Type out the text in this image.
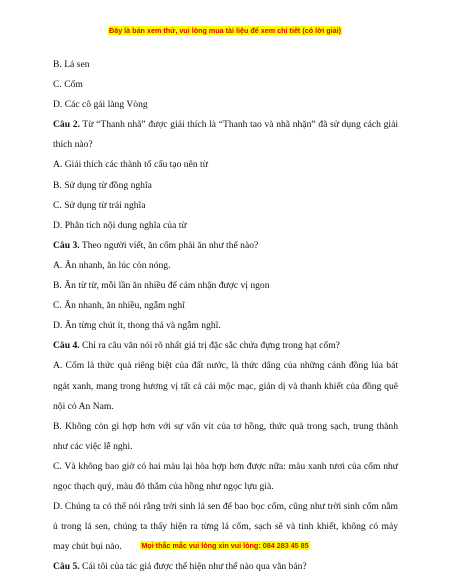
Đây là bản xem thử, vui lòng mua tài liệu để xem chi tiết (có lời giải)

B. Lá sen

C. Cốm

D. Các cô gái làng Vòng

Câu 2. Từ “Thanh nhã” được giải thích là “Thanh tao và nhã nhặn” đã sử dụng cách giải thích nào?

A. Giải thích các thành tố cấu tạo nên từ

B. Sử dụng từ đồng nghĩa

C. Sử dụng từ trái nghĩa

D. Phân tích nội dung nghĩa của từ

Câu 3. Theo người viết, ăn cốm phải ăn như thế nào?

A. Ăn nhanh, ăn lúc còn nóng.

B. Ăn từ từ, mỗi lần ăn nhiều để cảm nhận được vị ngon

C. Ăn nhanh, ăn nhiều, ngẫm nghĩ

D. Ăn từng chút ít, thong thả và ngẫm nghĩ.

Câu 4. Chỉ ra câu văn nói rõ nhất giá trị đặc sắc chứa đựng trong hạt cốm?

A. Cốm là thức quà riêng biệt của đất nước, là thức dâng của những cánh đồng lúa bát ngát xanh, mang trong hương vị tất cả cái mộc mạc, giản dị và thanh khiết của đồng quê nội cỏ An Nam.

B. Không còn gì hợp hơn với sự vấn vít của tơ hồng, thức quà trong sạch, trung thành như các việc lễ nghi.

C. Và không bao giờ có hai màu lại hòa hợp hơn được nữa: màu xanh tươi của cốm như ngọc thạch quý, màu đỏ thắm của hồng như ngọc lựu già.

D. Chúng ta có thể nói rằng trời sinh lá sen để bao bọc cốm, cũng như trời sinh cốm nằm ủ trong lá sen, chúng ta thấy hiện ra từng lá cốm, sạch sẽ và tinh khiết, không có mảy may chút bụi nào.

Câu 5. Cái tôi của tác giả được thể hiện như thế nào qua văn bản?

Mọi thắc mắc vui lòng xin vui lòng: 084 283 45 85
